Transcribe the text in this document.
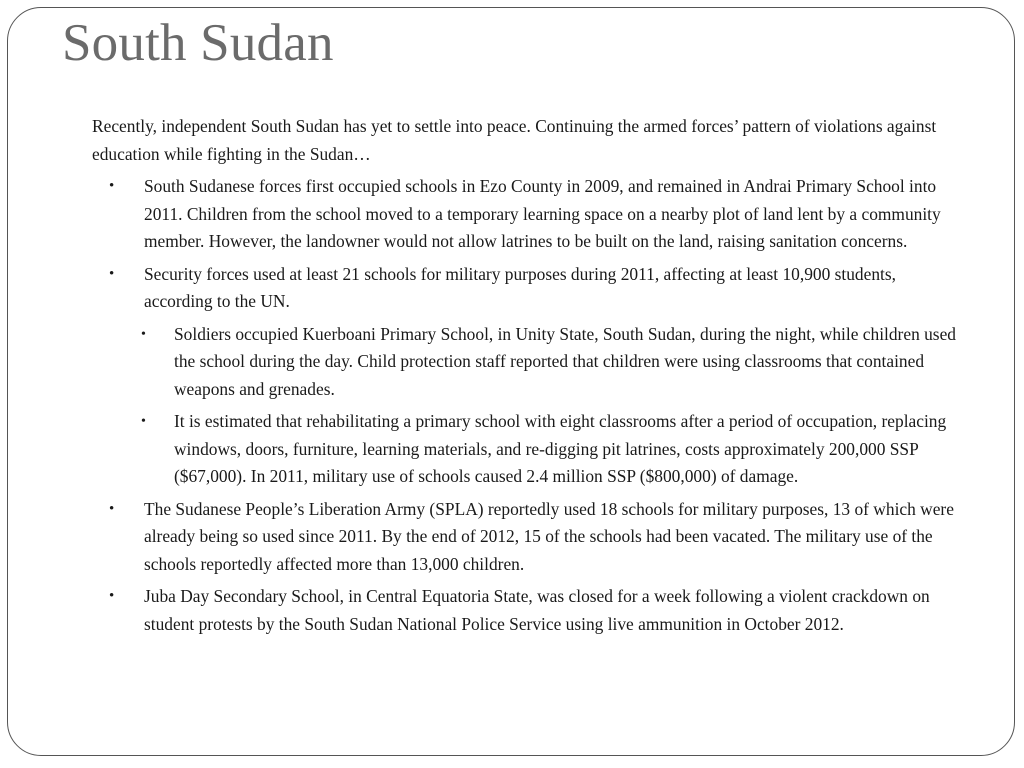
South Sudan

Recently, independent South Sudan has yet to settle into peace. Continuing the armed forces’ pattern of violations against education while fighting in the Sudan…

• South Sudanese forces first occupied schools in Ezo County in 2009, and remained in Andrai Primary School into 2011. Children from the school moved to a temporary learning space on a nearby plot of land lent by a community member. However, the landowner would not allow latrines to be built on the land, raising sanitation concerns.
• Security forces used at least 21 schools for military purposes during 2011, affecting at least 10,900 students, according to the UN.
• Soldiers occupied Kuerboani Primary School, in Unity State, South Sudan, during the night, while children used the school during the day. Child protection staff reported that children were using classrooms that contained weapons and grenades.
• It is estimated that rehabilitating a primary school with eight classrooms after a period of occupation, replacing windows, doors, furniture, learning materials, and re-digging pit latrines, costs approximately 200,000 SSP ($67,000). In 2011, military use of schools caused 2.4 million SSP ($800,000) of damage.
• The Sudanese People’s Liberation Army (SPLA) reportedly used 18 schools for military purposes, 13 of which were already being so used since 2011. By the end of 2012, 15 of the schools had been vacated. The military use of the schools reportedly affected more than 13,000 children.
• Juba Day Secondary School, in Central Equatoria State, was closed for a week following a violent crackdown on student protests by the South Sudan National Police Service using live ammunition in October 2012.
